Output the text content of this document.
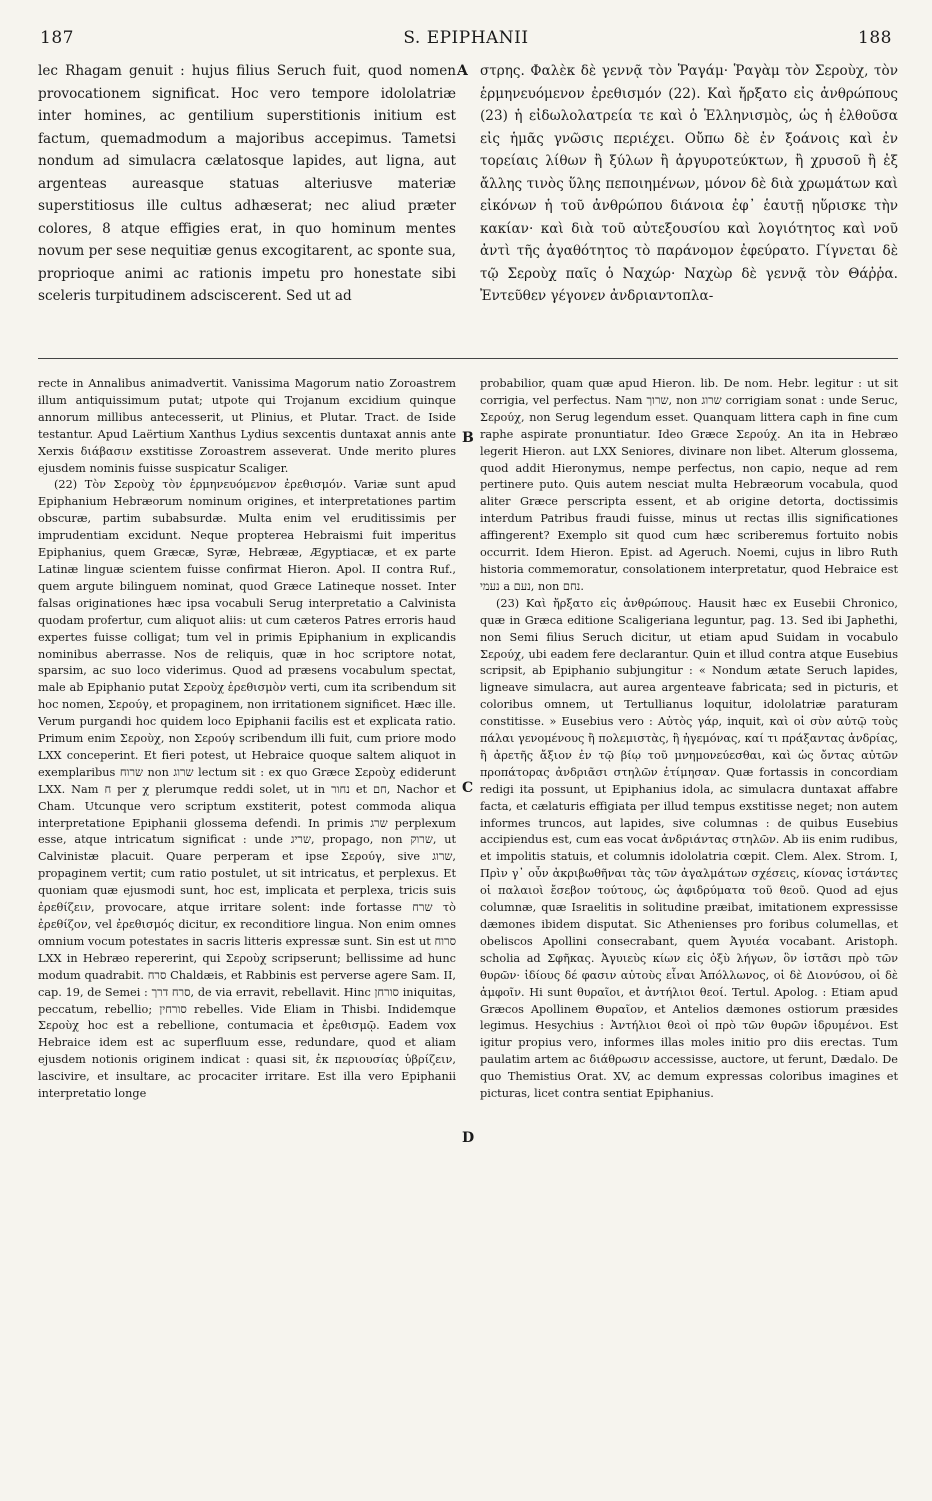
187	S. EPIPHANII	188

lec Rhagam genuit : hujus filius Seruch fuit, quod nomen provocationem significat. Hoc vero tempore idololatriæ inter homines, ac gentilium superstitionis initium est factum, quemadmodum a majoribus accepimus. Tametsi nondum ad simulacra cælatosque lapides, aut ligna, aut argenteas aureasque statuas alteriusve materiæ superstitiosus ille cultus adhæserat; nec aliud præter colores, 8 atque effigies erat, in quo hominum mentes novum per sese nequitiæ genus excogitarent, ac sponte sua, proprioque animi ac rationis impetu pro honestate sibi sceleris turpitudinem adsciscerent. Sed ut ad

στρης. Φαλὲκ δὲ γεννᾷ τὸν Ῥαγάμ· Ῥαγὰμ τὸν Σεροὺχ, τὸν ἑρμηνευόμενον ἐρεθισμόν (22). Καὶ ἤρξατο εἰς ἀνθρώπους (23) ἡ εἰδωλολατρεία τε καὶ ὁ Ἑλληνισμὸς, ὡς ἡ ἐλθοῦσα εἰς ἡμᾶς γνῶσις περιέχει. Οὔπω δὲ ἐν ξοάνοις καὶ ἐν τορείαις λίθων ἢ ξύλων ἢ ἀργυροτεύκτων, ἢ χρυσοῦ ἢ ἐξ ἄλλης τινὸς ὕλης πεποιημένων, μόνον δὲ διὰ χρωμάτων καὶ εἰκόνων ἡ τοῦ ἀνθρώπου διάνοια ἐφ᾽ ἑαυτῇ ηὕρισκε τὴν κακίαν· καὶ διὰ τοῦ αὐτεξουσίου καὶ λογιότητος καὶ νοῦ ἀντὶ τῆς ἀγαθότητος τὸ παράνομον ἐφεύρατο. Γίγνεται δὲ τῷ Σεροὺχ παῖς ὁ Ναχώρ· Ναχὼρ δὲ γεννᾷ τὸν Θάῤῥα. Ἐντεῦθεν γέγονεν ἀνδριαντοπλα-

A
B
C
D

recte in Annalibus animadvertit. Vanissima Magorum natio Zoroastrem illum antiquissimum putat; utpote qui Trojanum excidium quinque annorum millibus antecesserit, ut Plinius, et Plutar. Tract. de Iside testantur. Apud Laërtium Xanthus Lydius sexcentis duntaxat annis ante Xerxis διάβασιν exstitisse Zoroastrem asseverat. Unde merito plures ejusdem nominis fuisse suspicatur Scaliger.

(22) Τὸν Σεροὺχ τὸν ἑρμηνευόμενον ἐρεθισμόν. Variæ sunt apud Epiphanium Hebræorum nominum origines, et interpretationes partim obscuræ, partim subabsurdæ. Multa enim vel eruditissimis per imprudentiam excidunt. Neque propterea Hebraismi fuit imperitus Epiphanius, quem Græcæ, Syræ, Hebrææ, Ægyptiacæ, et ex parte Latinæ linguæ scientem fuisse confirmat Hieron. Apol. II contra Ruf., quem argute bilinguem nominat, quod Græce Latineque nosset. Inter falsas originationes hæc ipsa vocabuli Serug interpretatio a Calvinista quodam profertur, cum aliquot aliis: ut cum cæteros Patres erroris haud expertes fuisse colligat; tum vel in primis Epiphanium in explicandis nominibus aberrasse. Nos de reliquis, quæ in hoc scriptore notat, sparsim, ac suo loco viderimus. Quod ad præsens vocabulum spectat, male ab Epiphanio putat Σεροὺχ ἐρεθισμὸν verti, cum ita scribendum sit hoc nomen, Σερούγ, et propaginem, non irritationem significet. Hæc ille. Verum purgandi hoc quidem loco Epiphanii facilis est et explicata ratio. Primum enim Σεροὺχ, non Σερούγ scribendum illi fuit, cum priore modo LXX conceperint. Et fieri potest, ut Hebraice quoque saltem aliquot in exemplaribus שרוח non שרוג lectum sit : ex quo Græce Σεροὺχ ediderunt LXX. Nam ח per χ plerumque reddi solet, ut in נחור et חם, Nachor et Cham. Utcunque vero scriptum exstiterit, potest commoda aliqua interpretatione Epiphanii glossema defendi. In primis שרג perplexum esse, atque intricatum significat : unde שריג, propago, non שרוק, ut Calvinistæ placuit. Quare perperam et ipse Σερούγ, sive שרוג, propaginem vertit; cum ratio postulet, ut sit intricatus, et perplexus. Et quoniam quæ ejusmodi sunt, hoc est, implicata et perplexa, tricis suis ἐρεθίζειν, provocare, atque irritare solent: inde fortasse שרח τὸ ἐρεθίζον, vel ἐρεθισμός dicitur, ex reconditiore lingua. Non enim omnes omnium vocum potestates in sacris litteris expressæ sunt. Sin est ut סרוח LXX in Hebræo repererint, qui Σεροὺχ scripserunt; bellissime ad hunc modum quadrabit. סרח Chaldæis, et Rabbinis est perverse agere Sam. II, cap. 19, de Semei : סרח דרך, de via erravit, rebellavit. Hinc סורחן iniquitas, peccatum, rebellio; סורחין rebelles. Vide Eliam in Thisbi. Indidemque Σεροὺχ hoc est a rebellione, contumacia et ἐρεθισμῷ. Eadem vox Hebraice idem est ac superfluum esse, redundare, quod et aliam ejusdem notionis originem indicat : quasi sit, ἐκ περιουσίας ὑβρίζειν, lascivire, et insultare, ac procaciter irritare. Est illa vero Epiphanii interpretatio longe

probabilior, quam quæ apud Hieron. lib. De nom. Hebr. legitur : ut sit corrigia, vel perfectus. Nam שרוך, non שרוג corrigiam sonat : unde Seruc, Σερούχ, non Serug legendum esset. Quanquam littera caph in fine cum raphe aspirate pronuntiatur. Ideo Græce Σερούχ. An ita in Hebræo legerit Hieron. aut LXX Seniores, divinare non libet. Alterum glossema, quod addit Hieronymus, nempe perfectus, non capio, neque ad rem pertinere puto. Quis autem nesciat multa Hebræorum vocabula, quod aliter Græce perscripta essent, et ab origine detorta, doctissimis interdum Patribus fraudi fuisse, minus ut rectas illis significationes affingerent? Exemplo sit quod cum hæc scriberemus fortuito nobis occurrit. Idem Hieron. Epist. ad Ageruch. Noemi, cujus in libro Ruth historia commemoratur, consolationem interpretatur, quod Hebraice est נעמי a נעם, non נחם.

(23) Καὶ ἤρξατο εἰς ἀνθρώπους. Hausit hæc ex Eusebii Chronico, quæ in Græca editione Scaligeriana leguntur, pag. 13. Sed ibi Japhethi, non Semi filius Seruch dicitur, ut etiam apud Suidam in vocabulo Σερούχ, ubi eadem fere declarantur. Quin et illud contra atque Eusebius scripsit, ab Epiphanio subjungitur : « Nondum ætate Seruch lapides, ligneave simulacra, aut aurea argenteave fabricata; sed in picturis, et coloribus omnem, ut Tertullianus loquitur, idololatriæ paraturam constitisse. » Eusebius vero : Αὐτὸς γάρ, inquit, καὶ οἱ σὺν αὐτῷ τοὺς πάλαι γενομένους ἢ πολεμιστὰς, ἢ ἡγεμόνας, καί τι πράξαντας ἀνδρίας, ἢ ἀρετῆς ἄξιον ἐν τῷ βίῳ τοῦ μνημονεύεσθαι, καὶ ὡς ὄντας αὐτῶν προπάτορας ἀνδριᾶσι στηλῶν ἐτίμησαν. Quæ fortassis in concordiam redigi ita possunt, ut Epiphanius idola, ac simulacra duntaxat affabre facta, et cælaturis effigiata per illud tempus exstitisse neget; non autem informes truncos, aut lapides, sive columnas : de quibus Eusebius accipiendus est, cum eas vocat ἀνδριάντας στηλῶν. Ab iis enim rudibus, et impolitis statuis, et columnis idololatria cœpit. Clem. Alex. Strom. I, Πρὶν γ᾽ οὖν ἀκριβωθῆναι τὰς τῶν ἀγαλμάτων σχέσεις, κίονας ἱστάντες οἱ παλαιοὶ ἔσεβον τούτους, ὡς ἀφιδρύματα τοῦ θεοῦ. Quod ad ejus columnæ, quæ Israelitis in solitudine præibat, imitationem expressisse dæmones ibidem disputat. Sic Athenienses pro foribus columellas, et obeliscos Apollini consecrabant, quem Ἀγυιέα vocabant. Aristoph. scholia ad Σφῆκας. Ἀγυιεὺς κίων εἰς ὀξὺ λήγων, ὃν ἱστᾶσι πρὸ τῶν θυρῶν· ἰδίους δέ φασιν αὐτοὺς εἶναι Ἀπόλλωνος, οἱ δὲ Διονύσου, οἱ δὲ ἀμφοῖν. Hi sunt θυραῖοι, et ἀντήλιοι θεοί. Tertul. Apolog. : Etiam apud Græcos Apollinem Θυραῖον, et Antelios dæmones ostiorum præsides legimus. Hesychius : Ἀντήλιοι θεοὶ οἱ πρὸ τῶν θυρῶν ἱδρυμένοι. Est igitur propius vero, informes illas moles initio pro diis erectas. Tum paulatim artem ac διάθρωσιν accessisse, auctore, ut ferunt, Dædalo. De quo Themistius Orat. XV, ac demum expressas coloribus imagines et picturas, licet contra sentiat Epiphanius.
